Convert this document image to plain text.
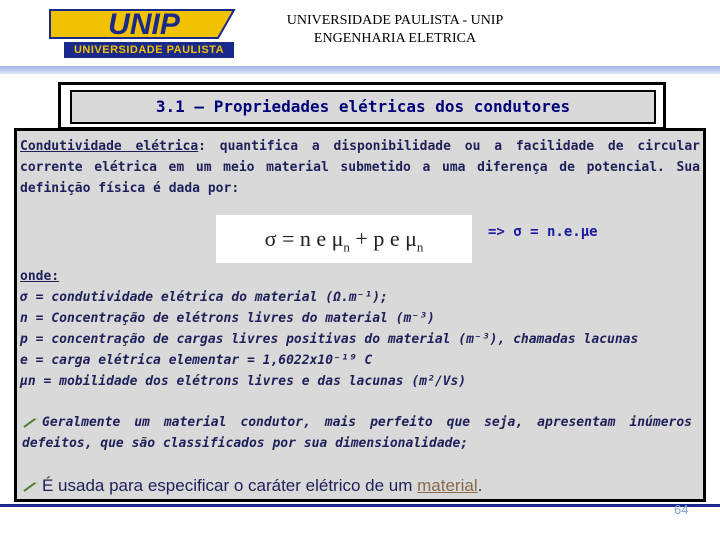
UNIP
UNIVERSIDADE PAULISTA
UNIVERSIDADE PAULISTA - UNIP
ENGENHARIA ELETRICA
3.1 – Propriedades elétricas dos condutores
Condutividade elétrica: quantifica a disponibilidade ou a facilidade de circular corrente elétrica em um meio material submetido a uma diferença de potencial. Sua definição física é dada por:
σ = n e $\mu_n + p$ e $\mu_n$
=> σ = n.e.μe
onde:
σ = condutividade elétrica do material (Ω.m⁻¹);
n = Concentração de elétrons livres do material (m⁻³)
p = concentração de cargas livres positivas do material (m⁻³), chamadas lacunas
e = carga elétrica elementar = 1,6022x10⁻¹⁹ C
μn = mobilidade dos elétrons livres e das lacunas (m²/Vs)
Geralmente um material condutor, mais perfeito que seja, apresentam inúmeros defeitos, que são classificados por sua dimensionalidade;
É usada para especificar o caráter elétrico de um material.
64
